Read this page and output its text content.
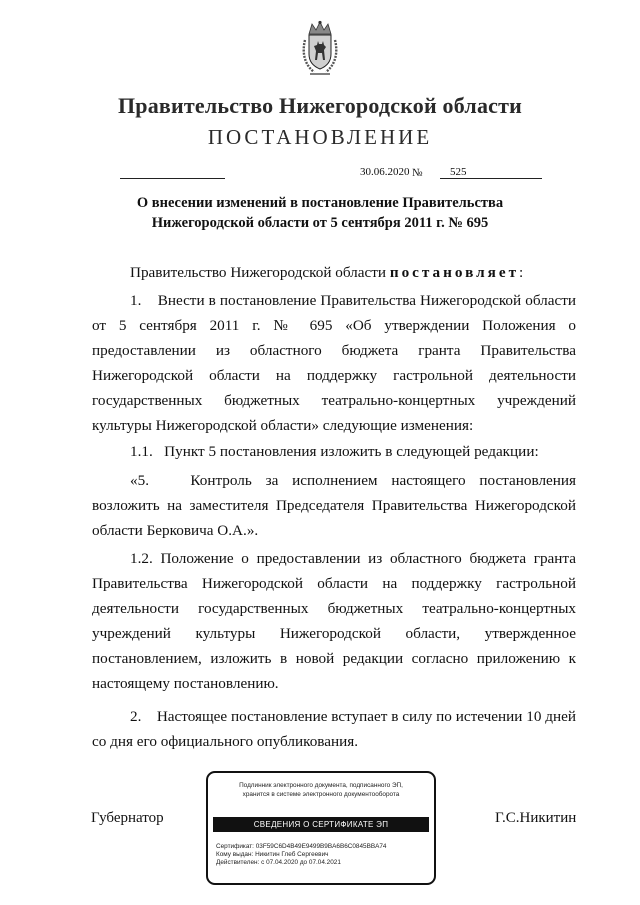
Правительство Нижегородской области
ПОСТАНОВЛЕНИЕ
30.06.2020 №	525
О внесении изменений в постановление Правительства
Нижегородской области от 5 сентября 2011 г. № 695
Правительство Нижегородской области постановляет:
1.    Внести в постановление Правительства Нижегородской области от 5 сентября 2011 г. № 695 «Об утверждении Положения о предоставлении из областного бюджета гранта Правительства Нижегородской области на поддержку гастрольной деятельности государственных бюджетных театрально-концертных учреждений культуры Нижегородской области» следующие изменения:
1.1.   Пункт 5 постановления изложить в следующей редакции:
«5.   Контроль за исполнением настоящего постановления возложить на заместителя Председателя Правительства Нижегородской области Берковича О.А.».
1.2. Положение о предоставлении из областного бюджета гранта Правительства Нижегородской области на поддержку гастрольной деятельности государственных бюджетных театрально-концертных учреждений культуры Нижегородской области, утвержденное постановлением, изложить в новой редакции согласно приложению к настоящему постановлению.
2.    Настоящее постановление вступает в силу по истечении 10 дней со дня его официального опубликования.
Губернатор
Подлинник электронного документа, подписанного ЭП,
хранится в системе электронного документооборота
СВЕДЕНИЯ О СЕРТИФИКАТЕ ЭП
Сертификат: 03F59C6D4B49E9499B9BA6B6C0845BBA74
Кому выдан: Никитин Глеб Сергеевич
Действителен: с 07.04.2020 до 07.04.2021
Г.С.Никитин
